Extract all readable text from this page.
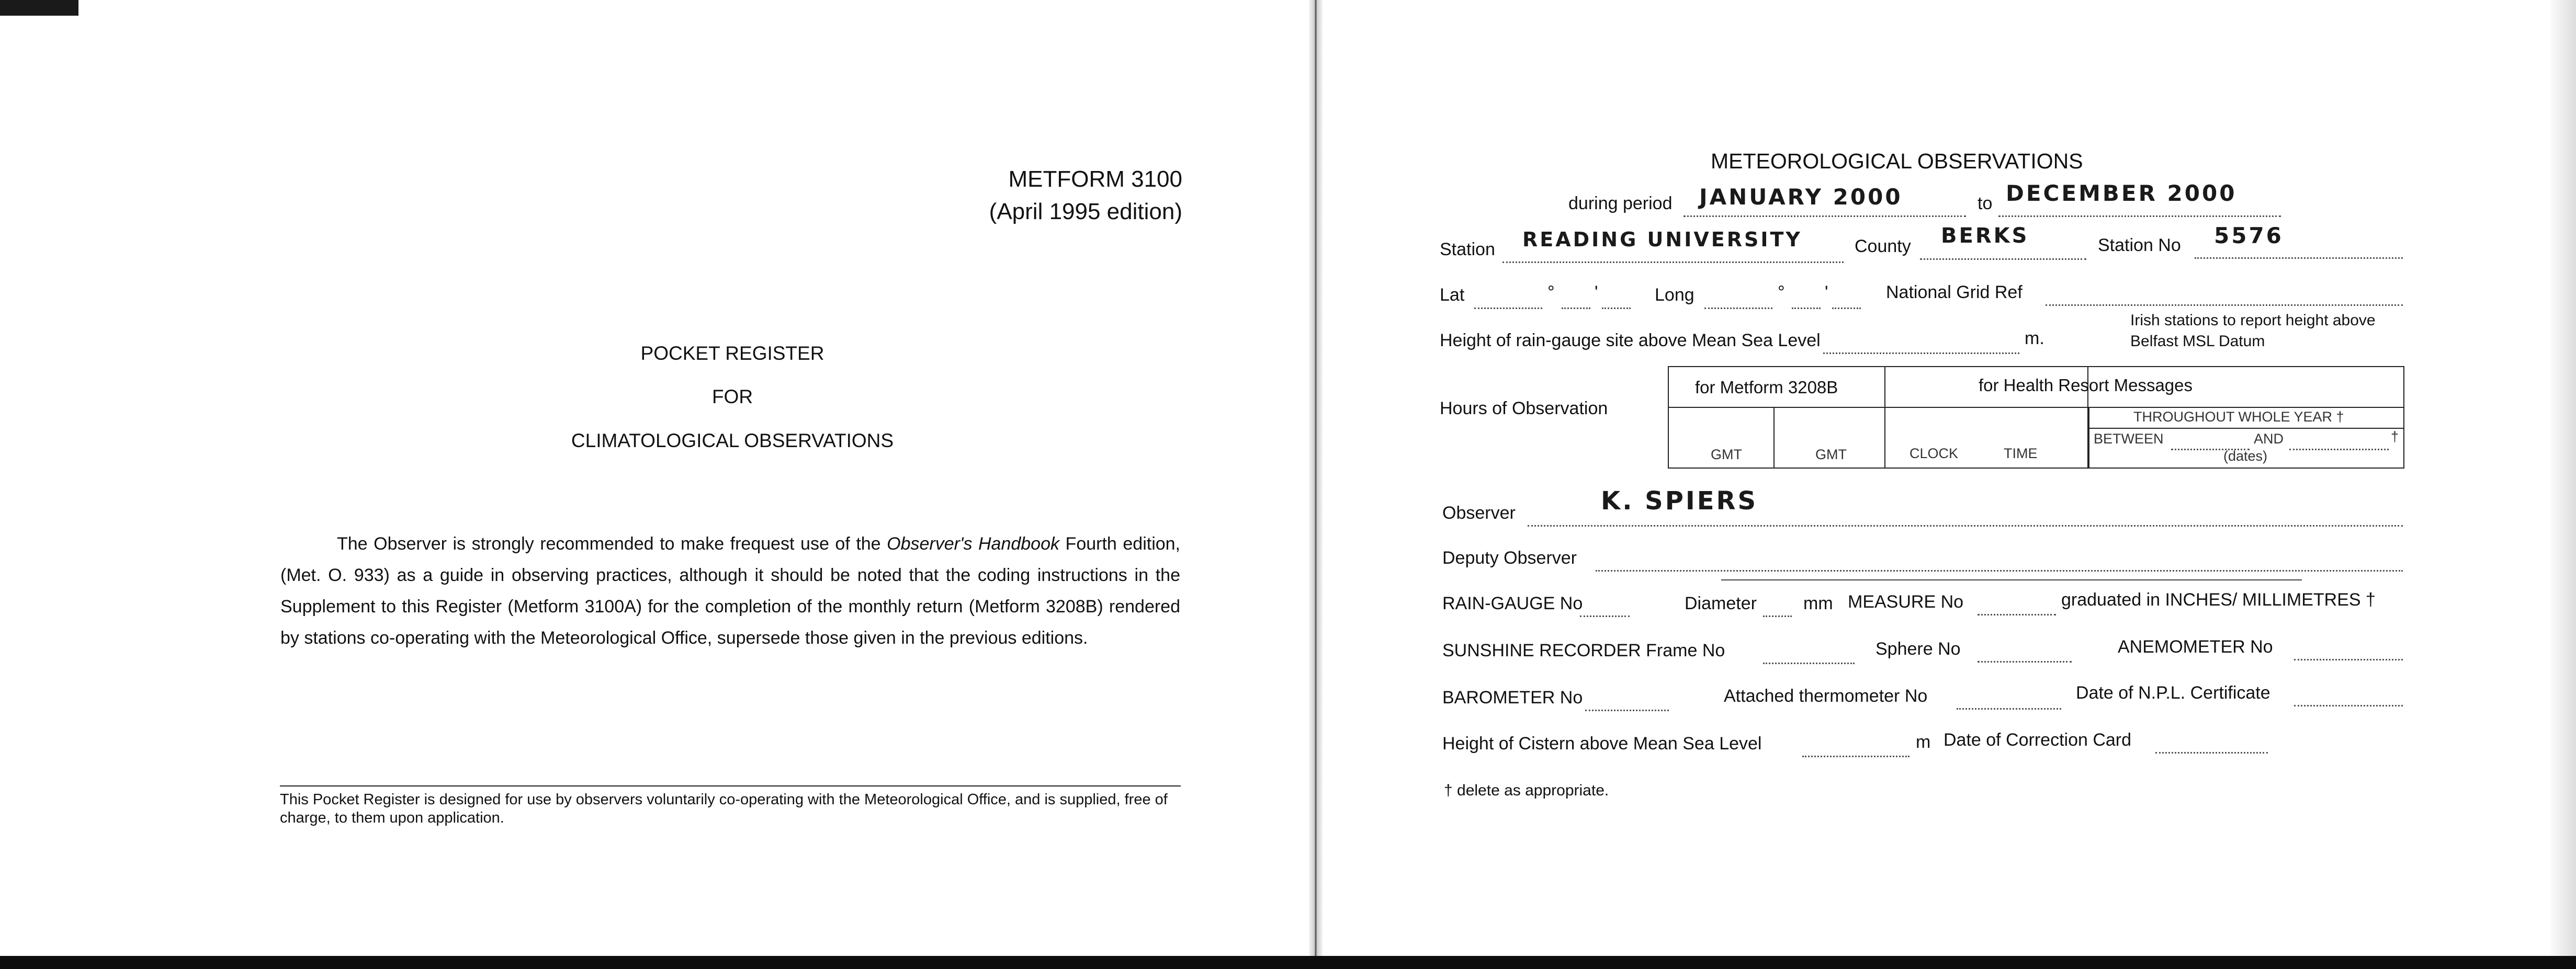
METFORM 3100
(April 1995 edition)
POCKET REGISTER
FOR
CLIMATOLOGICAL OBSERVATIONS

The Observer is strongly recommended to make frequest use of the Observer's Handbook Fourth edition, (Met. O. 933) as a guide in observing practices, although it should be noted that the coding instructions in the Supplement to this Register (Metform 3100A) for the completion of the monthly return (Metform 3208B) rendered by stations co-operating with the Meteorological Office, supersede those given in the previous editions.

This Pocket Register is designed for use by observers voluntarily co-operating with the Meteorological Office, and is supplied, free of charge, to them upon application.
METEOROLOGICAL OBSERVATIONS
during period JANUARY 2000	to DECEMBER 2000
Station READING UNIVERSITY	County BERKS	Station No 5576
Lat	° '	Long	° '	National Grid Ref
Height of rain-gauge site above Mean Sea Level	m.
Irish stations to report height above
Belfast MSL Datum
Hours of Observation
for Metform 3208B	for Health Resort Messages
THROUGHOUT WHOLE YEAR †
GMT	GMT	CLOCK	TIME
BETWEEN	AND	†
(dates)
Observer	K. SPIERS
Deputy Observer
RAIN-GAUGE No	Diameter	mm MEASURE No	graduated in INCHES/ MILLIMETRES †
SUNSHINE RECORDER Frame No	Sphere No	ANEMOMETER No
BAROMETER No	Attached thermometer No	Date of N.P.L. Certificate
Height of Cistern above Mean Sea Level	m Date of Correction Card
† delete as appropriate.
